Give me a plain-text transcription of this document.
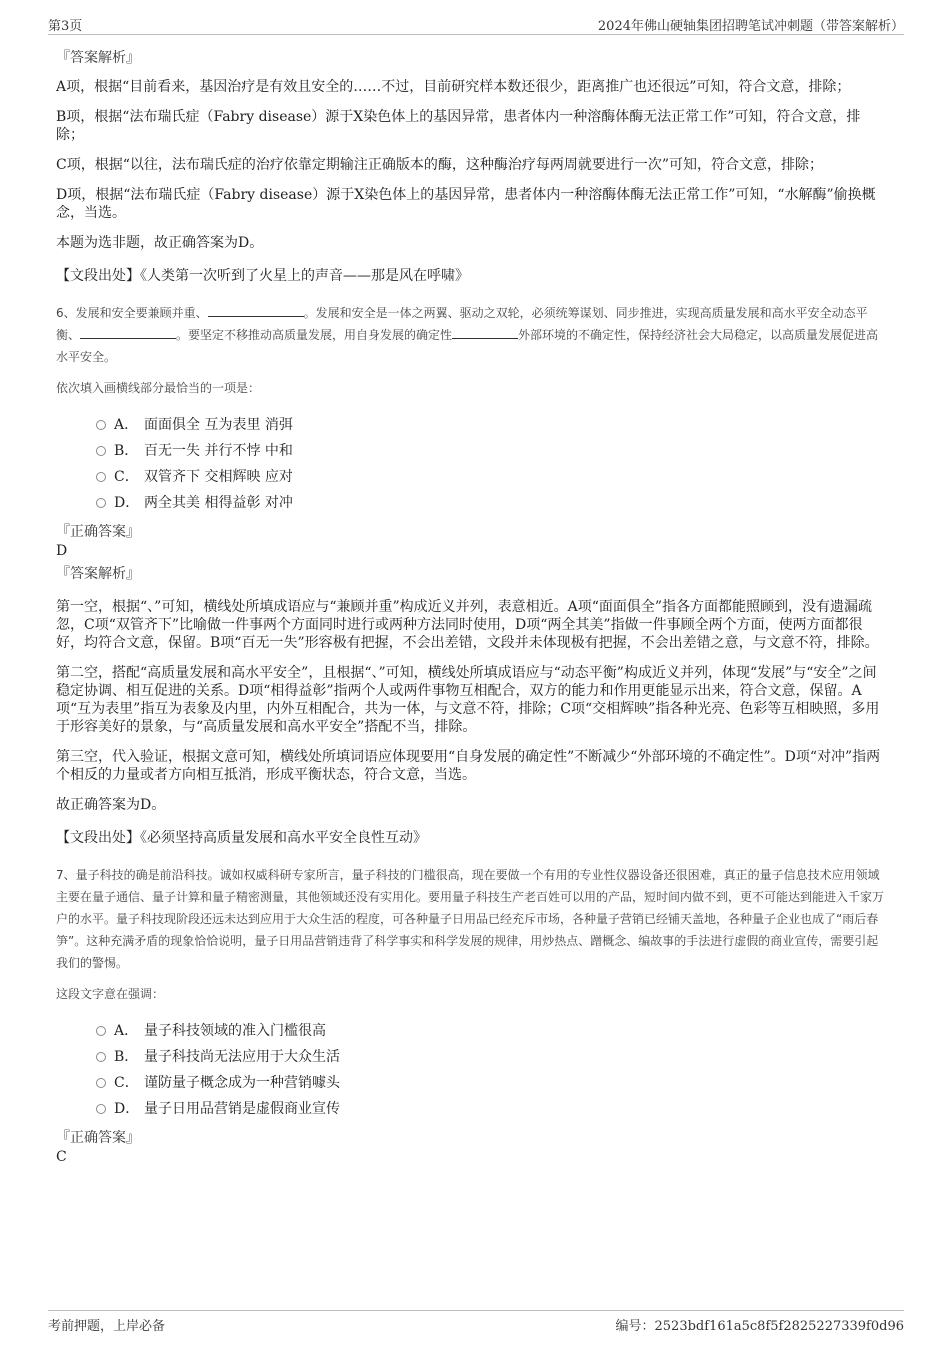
第3页	2024年佛山硬轴集团招聘笔试冲刺题（带答案解析）

『答案解析』

A项，根据“目前看来，基因治疗是有效且安全的……不过，目前研究样本数还很少，距离推广也还很远”可知，符合文意，排除；

B项，根据“法布瑞氏症（Fabry disease）源于X染色体上的基因异常，患者体内一种溶酶体酶无法正常工作”可知，符合文意，排除；

C项，根据“以往，法布瑞氏症的治疗依靠定期输注正确版本的酶，这种酶治疗每两周就要进行一次”可知，符合文意，排除；

D项，根据“法布瑞氏症（Fabry disease）源于X染色体上的基因异常，患者体内一种溶酶体酶无法正常工作”可知，“水解酶”偷换概念，当选。

本题为选非题，故正确答案为D。

【文段出处】《人类第一次听到了火星上的声音——那是风在呼啸》

6、发展和安全要兼顾并重、	。发展和安全是一体之两翼、驱动之双轮，必须统筹谋划、同步推进，实现高质量发展和高水平安全动态平衡、	。要坚定不移推动高质量发展，用自身发展的确定性	外部环境的不确定性，保持经济社会大局稳定，以高质量发展促进高水平安全。

依次填入画横线部分最恰当的一项是：

A． 面面俱全 互为表里 消弭
B． 百无一失 并行不悖 中和
C． 双管齐下 交相辉映 应对
D． 两全其美 相得益彰 对冲

『正确答案』

D

『答案解析』

第一空，根据“、”可知，横线处所填成语应与“兼顾并重”构成近义并列，表意相近。A项“面面俱全”指各方面都能照顾到，没有遗漏疏忽，C项“双管齐下”比喻做一件事两个方面同时进行或两种方法同时使用，D项“两全其美”指做一件事顾全两个方面，使两方面都很好，均符合文意，保留。B项“百无一失”形容极有把握，不会出差错，文段并未体现极有把握，不会出差错之意，与文意不符，排除。

第二空，搭配“高质量发展和高水平安全”，且根据“、”可知，横线处所填成语应与“动态平衡”构成近义并列，体现“发展”与“安全”之间稳定协调、相互促进的关系。D项“相得益彰”指两个人或两件事物互相配合，双方的能力和作用更能显示出来，符合文意，保留。A项“互为表里”指互为表象及内里，内外互相配合，共为一体，与文意不符，排除；C项“交相辉映”指各种光亮、色彩等互相映照，多用于形容美好的景象，与“高质量发展和高水平安全”搭配不当，排除。

第三空，代入验证，根据文意可知，横线处所填词语应体现要用“自身发展的确定性”不断减少“外部环境的不确定性”。D项“对冲”指两个相反的力量或者方向相互抵消，形成平衡状态，符合文意，当选。

故正确答案为D。

【文段出处】《必须坚持高质量发展和高水平安全良性互动》

7、量子科技的确是前沿科技。诚如权威科研专家所言，量子科技的门槛很高，现在要做一个有用的专业性仪器设备还很困难，真正的量子信息技术应用领域主要在量子通信、量子计算和量子精密测量，其他领域还没有实用化。要用量子科技生产老百姓可以用的产品，短时间内做不到，更不可能达到能进入千家万户的水平。量子科技现阶段还远未达到应用于大众生活的程度，可各种量子日用品已经充斥市场，各种量子营销已经铺天盖地，各种量子企业也成了“雨后春笋”。这种充满矛盾的现象恰恰说明，量子日用品营销违背了科学事实和科学发展的规律，用炒热点、蹭概念、编故事的手法进行虚假的商业宣传，需要引起我们的警惕。

这段文字意在强调：

A． 量子科技领域的准入门槛很高
B． 量子科技尚无法应用于大众生活
C． 谨防量子概念成为一种营销噱头
D． 量子日用品营销是虚假商业宣传

『正确答案』

C

考前押题，上岸必备	编号：2523bdf161a5c8f5f2825227339f0d96
